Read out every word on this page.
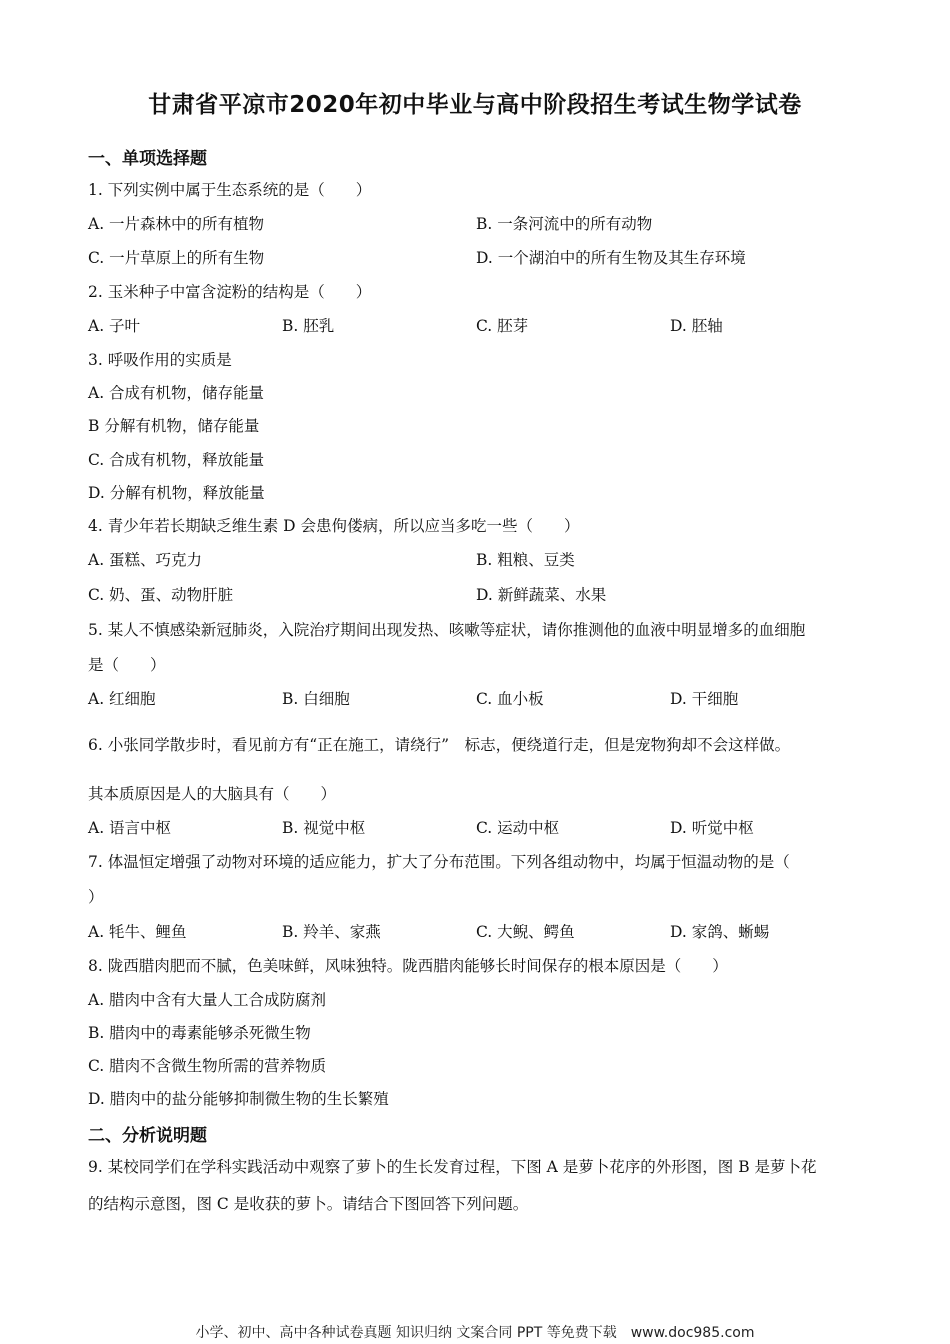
甘肃省平凉市2020年初中毕业与高中阶段招生考试生物学试卷
一、单项选择题
1. 下列实例中属于生态系统的是（　　）
A. 一片森林中的所有植物	B. 一条河流中的所有动物
C. 一片草原上的所有生物	D. 一个湖泊中的所有生物及其生存环境
2. 玉米种子中富含淀粉的结构是（　　）
A. 子叶	B. 胚乳	C. 胚芽	D. 胚轴
3. 呼吸作用的实质是
A. 合成有机物，储存能量
B 分解有机物，储存能量
C. 合成有机物，释放能量
D. 分解有机物，释放能量
4. 青少年若长期缺乏维生素 D 会患佝偻病，所以应当多吃一些（　　）
A. 蛋糕、巧克力	B. 粗粮、豆类
C. 奶、蛋、动物肝脏	D. 新鲜蔬菜、水果
5. 某人不慎感染新冠肺炎，入院治疗期间出现发热、咳嗽等症状，请你推测他的血液中明显增多的血细胞
是（　　）
A. 红细胞	B. 白细胞	C. 血小板	D. 干细胞
6. 小张同学散步时，看见前方有“正在施工，请绕行”　标志，便绕道行走，但是宠物狗却不会这样做。
其本质原因是人的大脑具有（　　）
A. 语言中枢	B. 视觉中枢	C. 运动中枢	D. 听觉中枢
7. 体温恒定增强了动物对环境的适应能力，扩大了分布范围。下列各组动物中，均属于恒温动物的是（
）
A. 牦牛、鲤鱼	B. 羚羊、家燕	C. 大鲵、鳄鱼	D. 家鸽、蜥蜴
8. 陇西腊肉肥而不腻，色美味鲜，风味独特。陇西腊肉能够长时间保存的根本原因是（　　）
A. 腊肉中含有大量人工合成防腐剂
B. 腊肉中的毒素能够杀死微生物
C. 腊肉不含微生物所需的营养物质
D. 腊肉中的盐分能够抑制微生物的生长繁殖
二、分析说明题
9. 某校同学们在学科实践活动中观察了萝卜的生长发育过程，下图 A 是萝卜花序的外形图，图 B 是萝卜花
的结构示意图，图 C 是收获的萝卜。请结合下图回答下列问题。
小学、初中、高中各种试卷真题 知识归纳 文案合同 PPT 等免费下载　www.doc985.com
